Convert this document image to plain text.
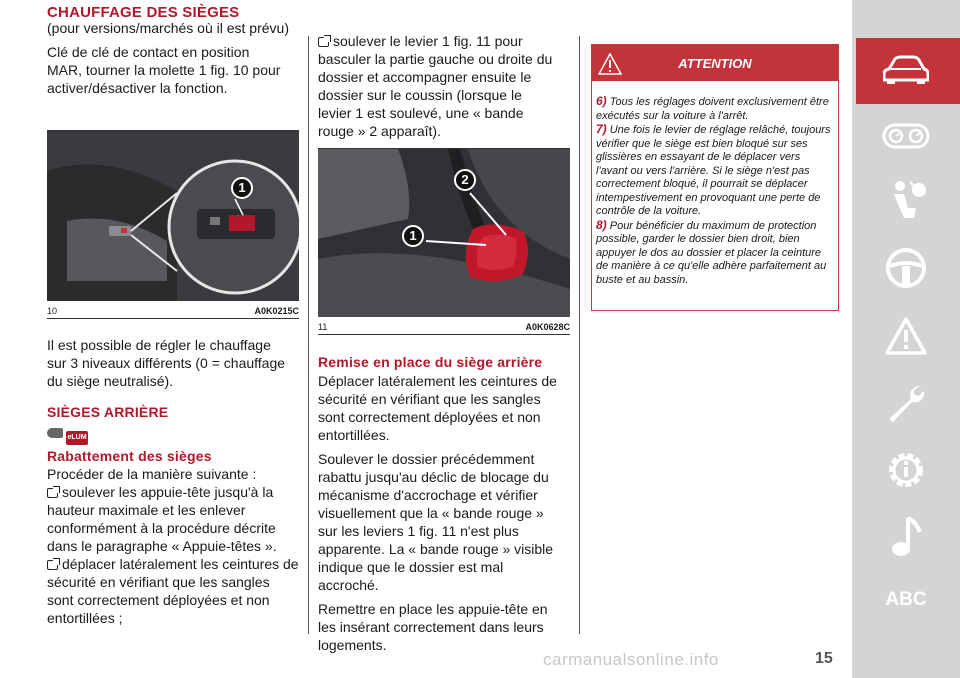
CHAUFFAGE DES SIÈGES

(pour versions/marchés où il est prévu)

Clé de clé de contact en position MAR, tourner la molette 1 fig. 10 pour activer/désactiver la fonction.

1
10	A0K0215C

Il est possible de régler le chauffage sur 3 niveaux différents (0 = chauffage du siège neutralisé).

SIÈGES ARRIÈRE
eLUM
Rabattement des sièges

Procéder de la manière suivante :

soulever les appuie-tête jusqu'à la hauteur maximale et les enlever conformément à la procédure décrite dans le paragraphe « Appuie-têtes ».

déplacer latéralement les ceintures de sécurité en vérifiant que les sangles sont correctement déployées et non entortillées ;

soulever le levier 1 fig. 11 pour basculer la partie gauche ou droite du dossier et accompagner ensuite le dossier sur le coussin (lorsque le levier 1 est soulevé, une « bande rouge » 2 apparaît).

1
2
11	A0K0628C
Remise en place du siège arrière

Déplacer latéralement les ceintures de sécurité en vérifiant que les sangles sont correctement déployées et non entortillées.

Soulever le dossier précédemment rabattu jusqu'au déclic de blocage du mécanisme d'accrochage et vérifier visuellement que la « bande rouge » sur les leviers 1 fig. 11 n'est plus apparente. La « bande rouge » visible indique que le dossier est mal accroché.

Remettre en place les appuie-tête en les insérant correctement dans leurs logements.

ATTENTION

6) Tous les réglages doivent exclusivement être exécutés sur la voiture à l'arrêt.

7) Une fois le levier de réglage relâché, toujours vérifier que le siège est bien bloqué sur ses glissières en essayant de le déplacer vers l'avant ou vers l'arrière. Si le siège n'est pas correctement bloqué, il pourrait se déplacer intempestivement en provoquant une perte de contrôle de la voiture.

8) Pour bénéficier du maximum de protection possible, garder le dossier bien droit, bien appuyer le dos au dossier et placer la ceinture de manière à ce qu'elle adhère parfaitement au buste et au bassin.

ABC
15
carmanualsonline.info
